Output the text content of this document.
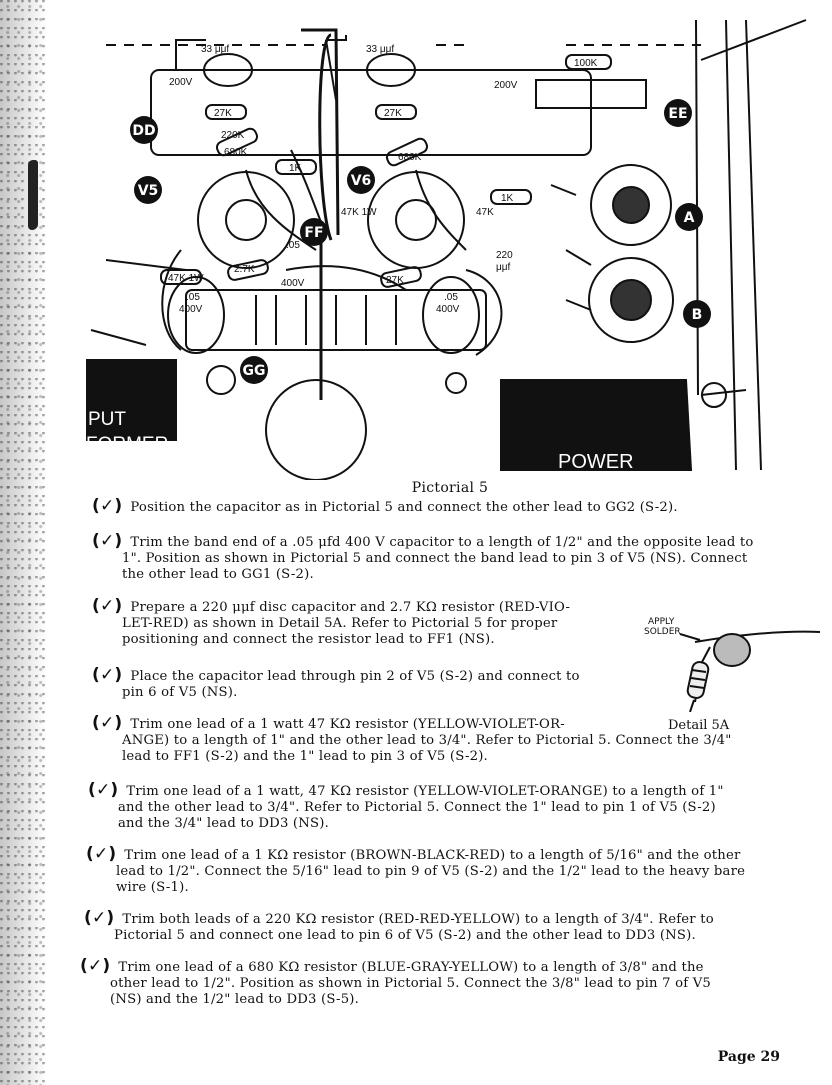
33 μμf	33 μμf
200V	200V
27K	27K
100K
220K
680K	680K
1K
1K
47K 1W
47K 1W	47K
220
μμf
2.7K
27K
.05
400V
.05
400V
.05
400V
DD
EE
FF
GG
V5
V6
A
B
PUT
FORMER
POWER
Pictorial 5
(✓) Position the capacitor as in Pictorial 5 and connect the other lead to GG2 (S-2).
(✓) Trim the band end of a .05 μfd 400 V capacitor to a length of 1/2" and the opposite lead to
1". Position as shown in Pictorial 5 and connect the band lead to pin 3 of V5 (NS). Connect
the other lead to GG1 (S-2).
(✓) Prepare a 220 μμf disc capacitor and 2.7 KΩ resistor (RED-VIO-
LET-RED) as shown in Detail 5A. Refer to Pictorial 5 for proper
positioning and connect the resistor lead to FF1 (NS).
(✓) Place the capacitor lead through pin 2 of V5 (S-2) and connect to
pin 6 of V5 (NS).
(✓) Trim one lead of a 1 watt 47 KΩ resistor (YELLOW-VIOLET-OR-
ANGE) to a length of 1" and the other lead to 3/4". Refer to Pictorial 5. Connect the 3/4"
lead to FF1 (S-2) and the 1" lead to pin 3 of V5 (S-2).
(✓) Trim one lead of a 1 watt, 47 KΩ resistor (YELLOW-VIOLET-ORANGE) to a length of 1"
and the other lead to 3/4". Refer to Pictorial 5. Connect the 1" lead to pin 1 of V5 (S-2)
and the 3/4" lead to DD3 (NS).
(✓) Trim one lead of a 1 KΩ resistor (BROWN-BLACK-RED) to a length of 5/16" and the other
lead to 1/2". Connect the 5/16" lead to pin 9 of V5 (S-2) and the 1/2" lead to the heavy bare
wire (S-1).
(✓) Trim both leads of a 220 KΩ resistor (RED-RED-YELLOW) to a length of 3/4". Refer to
Pictorial 5 and connect one lead to pin 6 of V5 (S-2) and the other lead to DD3 (NS).
(✓) Trim one lead of a 680 KΩ resistor (BLUE-GRAY-YELLOW) to a length of 3/8" and the
other lead to 1/2". Position as shown in Pictorial 5. Connect the 3/8" lead to pin 7 of V5
(NS) and the 1/2" lead to DD3 (S-5).
APPLY
SOLDER
Detail 5A
Page 29
